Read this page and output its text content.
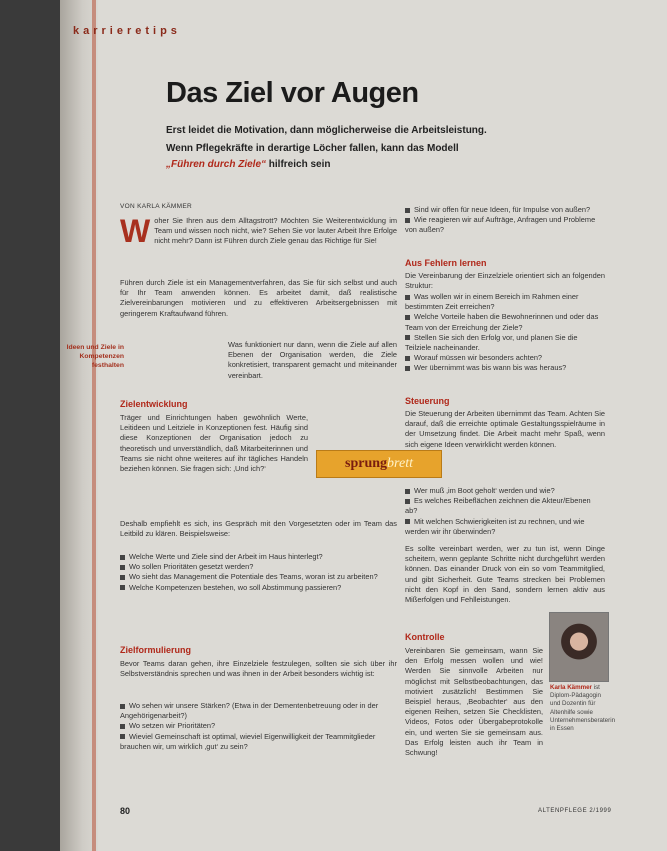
karrieretips

Das Ziel vor Augen

Erst leidet die Motivation, dann möglicherweise die Arbeitsleistung.

Wenn Pflegekräfte in derartige Löcher fallen, kann das Modell

„Führen durch Ziele“ hilfreich sein

VON KARLA KÄMMER

Ideen und Ziele in Kompetenzen festhalten
W oher Sie Ihren aus dem Alltagstrott? Möchten Sie Weiterentwicklung im Team und wissen noch nicht, wie? Sehen Sie vor lauter Arbeit Ihre Erfolge nicht mehr? Dann ist Führen durch Ziele genau das Richtige für Sie!

Führen durch Ziele ist ein Managementverfahren, das Sie für sich selbst und auch für Ihr Team anwenden können. Es arbeitet damit, daß realistische Zielvereinbarungen motivieren und zu effektiveren Arbeitsergebnissen mit geringerem Kraftaufwand führen.

Was funktioniert nur dann, wenn die Ziele auf allen Ebenen der Organisation werden, die Ziele konkretisiert, transparent gemacht und miteinander vereinbart.

Zielentwicklung

Träger und Einrichtungen haben gewöhnlich Werte, Leitideen und Leitziele in Konzeptionen fest. Häufig sind diese Konzeptionen der Organisation jedoch zu theoretisch und unverständlich, daß Mitarbeiterinnen und Teams sie nicht ohne weiteres auf ihr tägliches Handeln beziehen können. Sie fragen sich: ‚Und ich?‘

Deshalb empfiehlt es sich, ins Gespräch mit den Vorgesetzten oder im Team das Leitbild zu klären. Beispielsweise:

Welche Werte und Ziele sind der Arbeit im Haus hinterlegt?
Wo sollen Prioritäten gesetzt werden?
Wo sieht das Management die Potentiale des Teams, woran ist zu arbeiten?
Welche Kompetenzen bestehen, wo soll Abstimmung passieren?
Zielformulierung

Bevor Teams daran gehen, ihre Einzelziele festzulegen, sollten sie sich über ihr Selbstverständnis sprechen und was ihnen in der Arbeit besonders wichtig ist:

Wo sehen wir unsere Stärken? (Etwa in der Dementenbetreuung oder in der Angehörigenarbeit?)
Wo setzen wir Prioritäten?
Wieviel Gemeinschaft ist optimal, wieviel Eigenwilligkeit der Teammitglieder brauchen wir, um wirklich ‚gut‘ zu sein?
sprung brett
Sind wir offen für neue Ideen, für Impulse von außen?
Wie reagieren wir auf Aufträge, Anfragen und Probleme von außen?
Aus Fehlern lernen

Die Vereinbarung der Einzelziele orientiert sich an folgenden Struktur:

Was wollen wir in einem Bereich im Rahmen einer bestimmten Zeit erreichen?
Welche Vorteile haben die Bewohnerinnen und oder das Team von der Erreichung der Ziele?
Stellen Sie sich den Erfolg vor, und planen Sie die Teilziele nacheinander.
Worauf müssen wir besonders achten?
Wer übernimmt was bis wann bis was heraus?
Steuerung

Die Steuerung der Arbeiten übernimmt das Team. Achten Sie darauf, daß die erreichte optimale Gestaltungsspielräume in der Umsetzung findet. Die Arbeit macht mehr Spaß, wenn sich eigene Ideen verwirklicht werden können.

Wer muß ‚im Boot geholt‘ werden und wie?
Es welches Reibeflächen zeichnen die Akteur/Ebenen ab?
Mit welchen Schwierigkeiten ist zu rechnen, und wie werden wir ihr überwinden?

Es sollte vereinbart werden, wer zu tun ist, wenn Dinge scheitern, wenn geplante Schritte nicht durchgeführt werden können. Das einander Druck von ein so vom Teammitglied, und gibt Sicherheit. Gute Teams strecken bei Problemen nicht den Kopf in den Sand, sondern lernen aktiv aus Mißerfolgen und Fehlleistungen.

Kontrolle

Vereinbaren Sie gemeinsam, wann Sie den Erfolg messen wollen und wie! Werden Sie sinnvolle Arbeiten nur möglichst mit Selbstbeobachtungen, das motiviert zusätzlich! Bestimmen Sie Beispiel heraus, ‚Beobachter‘ aus den eigenen Reihen, setzen Sie Checklisten, Videos, Fotos oder Übergabeprotokolle ein, und werten Sie sie gemeinsam aus. Das Erfolg leisten auch ihr Team in Schwung!

Karla Kämmer ist Diplom-Pädagogin und Dozentin für Altenhilfe sowie Unternehmensberaterin in Essen
80	ALTENPFLEGE 2/1999
